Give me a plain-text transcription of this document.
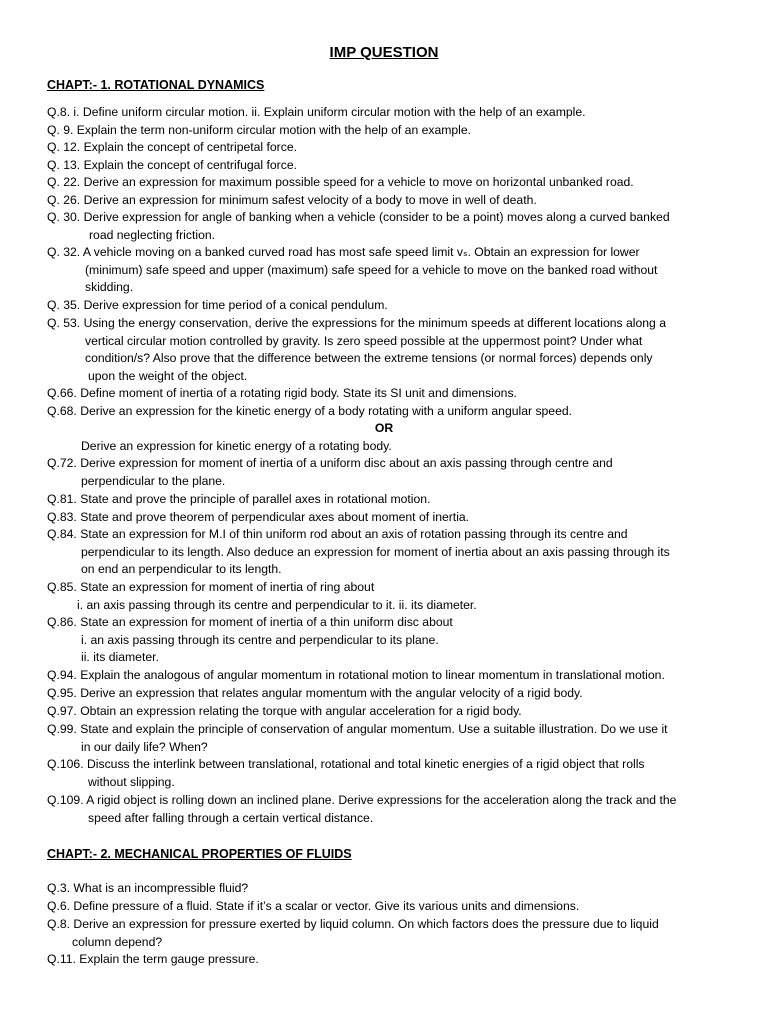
IMP QUESTION
CHAPT:- 1. ROTATIONAL DYNAMICS
Q.8. i. Define uniform circular motion. ii. Explain uniform circular motion with the help of an example.
Q. 9. Explain the term non-uniform circular motion with the help of an example.
Q. 12. Explain the concept of centripetal force.
Q. 13. Explain the concept of centrifugal force.
Q. 22. Derive an expression for maximum possible speed for a vehicle to move on horizontal unbanked road.
Q. 26. Derive an expression for minimum safest velocity of a body to move in well of death.
Q. 30. Derive expression for angle of banking when a vehicle (consider to be a point) moves along a curved banked
road neglecting friction.
Q. 32. A vehicle moving on a banked curved road has most safe speed limit vₛ. Obtain an expression for lower
(minimum) safe speed and upper (maximum) safe speed for a vehicle to move on the banked road without
skidding.
Q. 35. Derive expression for time period of a conical pendulum.
Q. 53. Using the energy conservation, derive the expressions for the minimum speeds at different locations along a
vertical circular motion controlled by gravity. Is zero speed possible at the uppermost point? Under what
condition/s? Also prove that the difference between the extreme tensions (or normal forces) depends only
upon the weight of the object.
Q.66. Define moment of inertia of a rotating rigid body. State its SI unit and dimensions.
Q.68. Derive an expression for the kinetic energy of a body rotating with a uniform angular speed.
OR
Derive an expression for kinetic energy of a rotating body.
Q.72. Derive expression for moment of inertia of a uniform disc about an axis passing through centre and
perpendicular to the plane.
Q.81. State and prove the principle of parallel axes in rotational motion.
Q.83. State and prove theorem of perpendicular axes about moment of inertia.
Q.84. State an expression for M.I of thin uniform rod about an axis of rotation passing through its centre and
perpendicular to its length. Also deduce an expression for moment of inertia about an axis passing through its
on end an perpendicular to its length.
Q.85. State an expression for moment of inertia of ring about
i. an axis passing through its centre and perpendicular to it. ii. its diameter.
Q.86. State an expression for moment of inertia of a thin uniform disc about
i. an axis passing through its centre and perpendicular to its plane.
ii. its diameter.
Q.94. Explain the analogous of angular momentum in rotational motion to linear momentum in translational motion.
Q.95. Derive an expression that relates angular momentum with the angular velocity of a rigid body.
Q.97. Obtain an expression relating the torque with angular acceleration for a rigid body.
Q.99. State and explain the principle of conservation of angular momentum. Use a suitable illustration. Do we use it
in our daily life? When?
Q.106. Discuss the interlink between translational, rotational and total kinetic energies of a rigid object that rolls
without slipping.
Q.109. A rigid object is rolling down an inclined plane. Derive expressions for the acceleration along the track and the
speed after falling through a certain vertical distance.
CHAPT:- 2. MECHANICAL PROPERTIES OF FLUIDS
Q.3. What is an incompressible fluid?
Q.6. Define pressure of a fluid. State if it’s a scalar or vector. Give its various units and dimensions.
Q.8. Derive an expression for pressure exerted by liquid column. On which factors does the pressure due to liquid
column depend?
Q.11. Explain the term gauge pressure.
